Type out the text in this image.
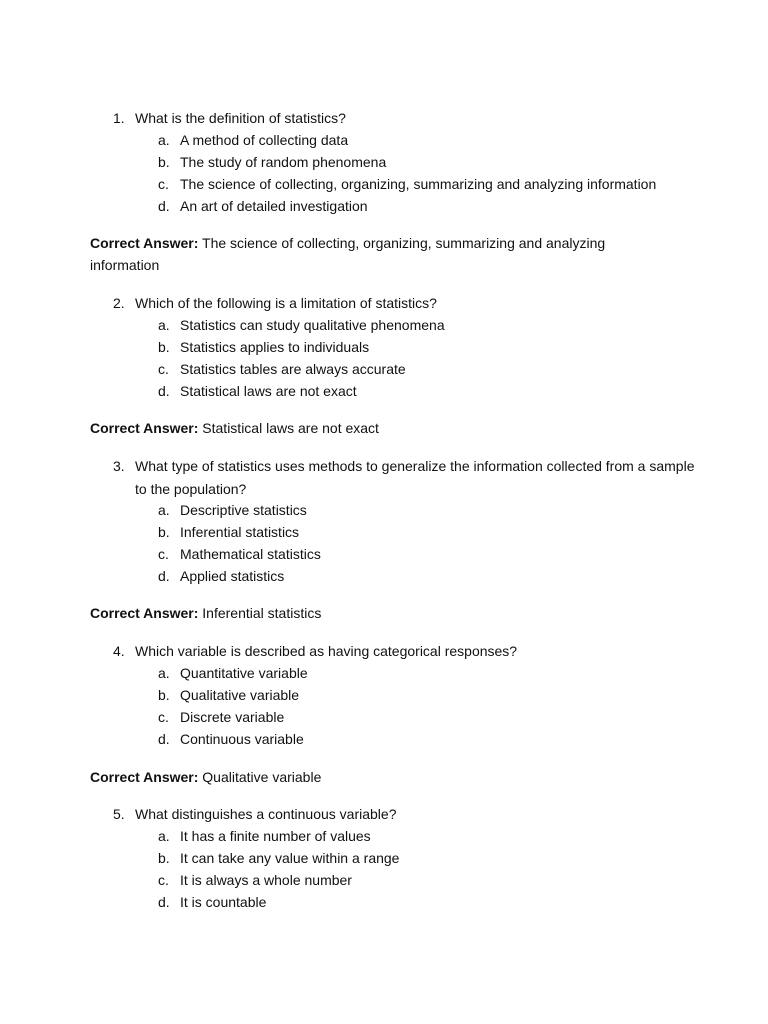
1. What is the definition of statistics?
a. A method of collecting data
b. The study of random phenomena
c. The science of collecting, organizing, summarizing and analyzing information
d. An art of detailed investigation
Correct Answer: The science of collecting, organizing, summarizing and analyzing information
2. Which of the following is a limitation of statistics?
a. Statistics can study qualitative phenomena
b. Statistics applies to individuals
c. Statistics tables are always accurate
d. Statistical laws are not exact
Correct Answer: Statistical laws are not exact
3. What type of statistics uses methods to generalize the information collected from a sample to the population?
a. Descriptive statistics
b. Inferential statistics
c. Mathematical statistics
d. Applied statistics
Correct Answer: Inferential statistics
4. Which variable is described as having categorical responses?
a. Quantitative variable
b. Qualitative variable
c. Discrete variable
d. Continuous variable
Correct Answer: Qualitative variable
5. What distinguishes a continuous variable?
a. It has a finite number of values
b. It can take any value within a range
c. It is always a whole number
d. It is countable
